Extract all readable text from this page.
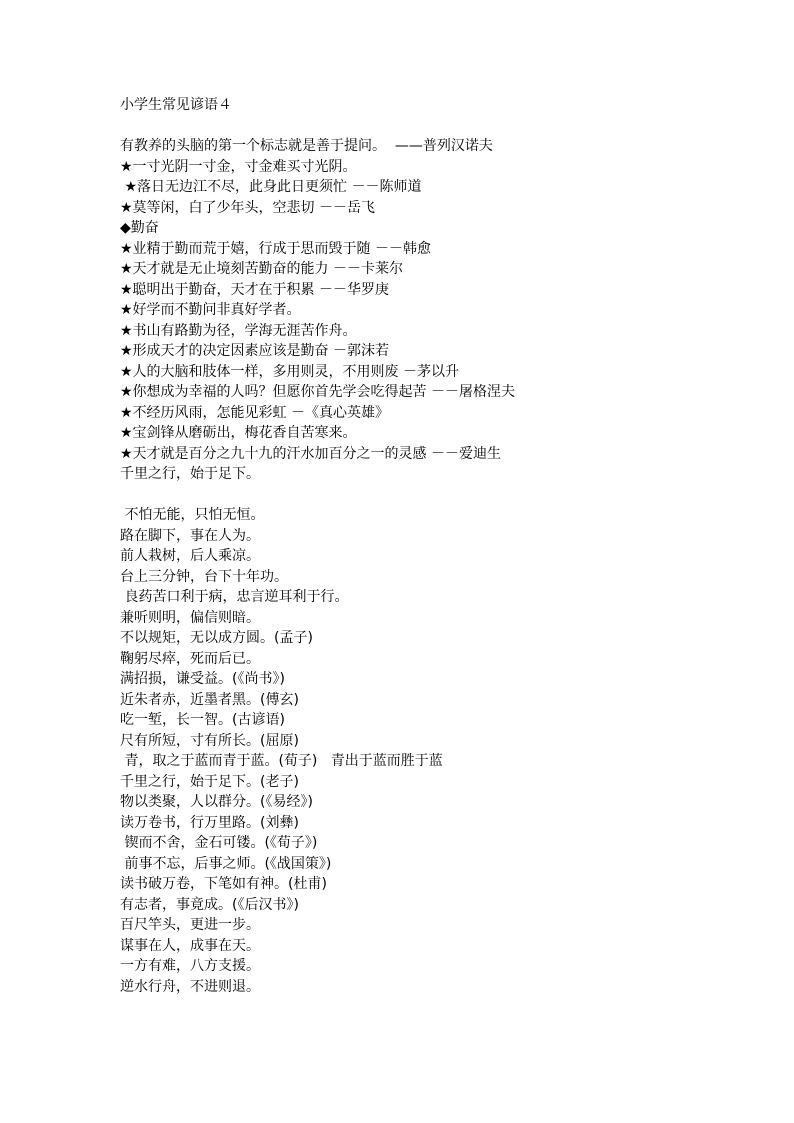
小学生常见谚语４
有教养的头脑的第一个标志就是善于提问。  ——普列汉诺夫
★一寸光阴一寸金，寸金难买寸光阴。
★落日无边江不尽，此身此日更须忙 －－陈师道
★莫等闲，白了少年头，空悲切 －－岳飞
◆勤奋
★业精于勤而荒于嬉，行成于思而毁于随 －－韩愈
★天才就是无止境刻苦勤奋的能力 －－卡莱尔
★聪明出于勤奋，天才在于积累 －－华罗庚
★好学而不勤问非真好学者。
★书山有路勤为径，学海无涯苦作舟。
★形成天才的决定因素应该是勤奋 －郭沫若
★人的大脑和肢体一样，多用则灵，不用则废 －茅以升
★你想成为幸福的人吗？但愿你首先学会吃得起苦 －－屠格涅夫
★不经历风雨，怎能见彩虹 －《真心英雄》
★宝剑锋从磨砺出，梅花香自苦寒来。
★天才就是百分之九十九的汗水加百分之一的灵感 －－爱迪生
千里之行，始于足下。
不怕无能，只怕无恒。
路在脚下，事在人为。
前人栽树，后人乘凉。
台上三分钟，台下十年功。
良药苦口利于病，忠言逆耳利于行。
兼听则明，偏信则暗。
不以规矩，无以成方圆。(孟子)
鞠躬尽瘁，死而后已。
满招损，谦受益。(《尚书》)
近朱者赤，近墨者黑。(傅玄)
吃一堑，长一智。(古谚语)
尺有所短，寸有所长。(屈原)
青，取之于蓝而青于蓝。(荀子)   青出于蓝而胜于蓝
千里之行，始于足下。(老子)
物以类聚，人以群分。(《易经》)
读万卷书，行万里路。(刘彝)
锲而不舍，金石可镂。(《荀子》)
前事不忘，后事之师。(《战国策》)
读书破万卷，下笔如有神。(杜甫)
有志者，事竟成。(《后汉书》)
百尺竿头，更进一步。
谋事在人，成事在天。
一方有难，八方支援。
逆水行舟，不进则退。
